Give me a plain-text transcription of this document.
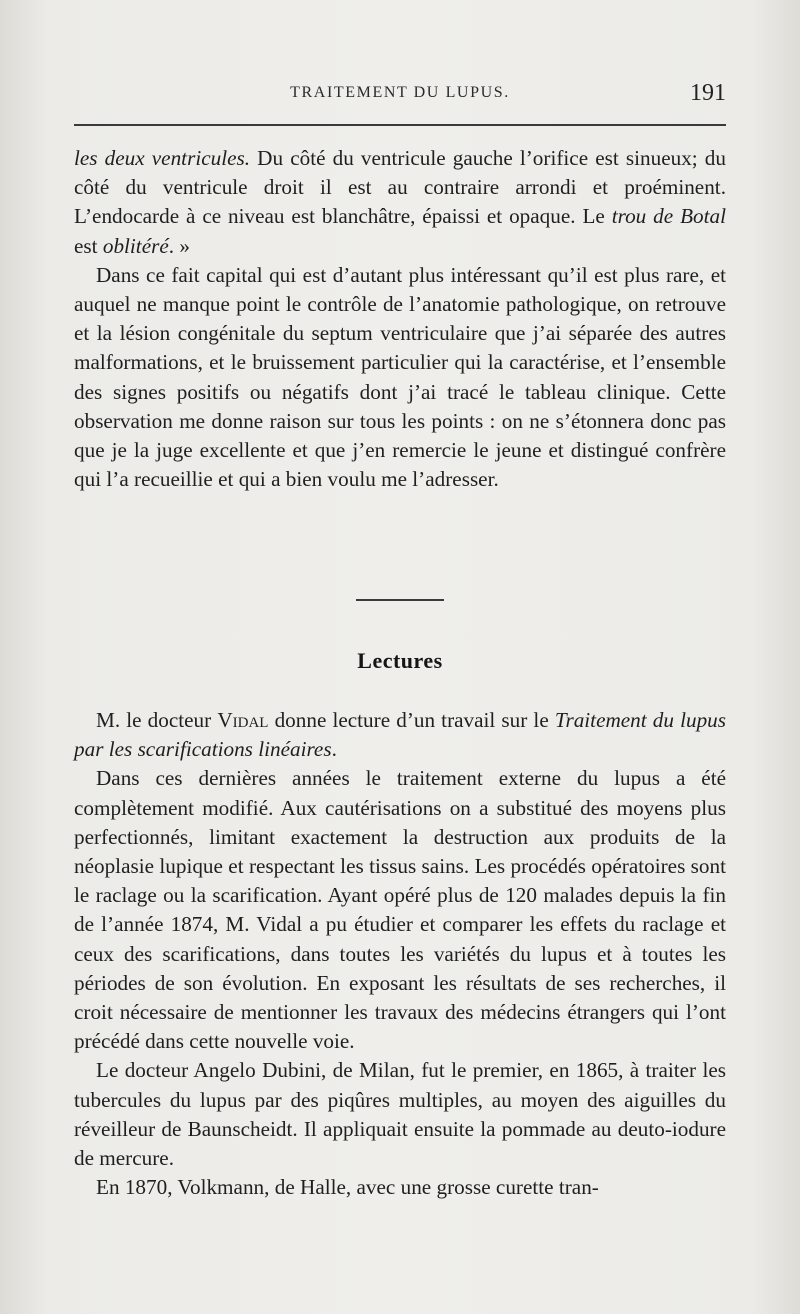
TRAITEMENT DU LUPUS.	191

les deux ventricules. Du côté du ventricule gauche l’orifice est sinueux; du côté du ventricule droit il est au contraire arrondi et proéminent. L’endocarde à ce niveau est blanchâtre, épaissi et opaque. Le trou de Botal est oblitéré. »

Dans ce fait capital qui est d’autant plus intéressant qu’il est plus rare, et auquel ne manque point le contrôle de l’anatomie pathologique, on retrouve et la lésion congénitale du septum ventriculaire que j’ai séparée des autres malformations, et le bruissement particulier qui la caractérise, et l’ensemble des signes positifs ou négatifs dont j’ai tracé le tableau clinique. Cette observation me donne raison sur tous les points : on ne s’étonnera donc pas que je la juge excellente et que j’en remercie le jeune et distingué confrère qui l’a recueillie et qui a bien voulu me l’adresser.

Lectures

M. le docteur Vidal donne lecture d’un travail sur le Traitement du lupus par les scarifications linéaires.

Dans ces dernières années le traitement externe du lupus a été complètement modifié. Aux cautérisations on a substitué des moyens plus perfectionnés, limitant exactement la destruction aux produits de la néoplasie lupique et respectant les tissus sains. Les procédés opératoires sont le raclage ou la scarification. Ayant opéré plus de 120 malades depuis la fin de l’année 1874, M. Vidal a pu étudier et comparer les effets du raclage et ceux des scarifications, dans toutes les variétés du lupus et à toutes les périodes de son évolution. En exposant les résultats de ses recherches, il croit nécessaire de mentionner les travaux des médecins étrangers qui l’ont précédé dans cette nouvelle voie.

Le docteur Angelo Dubini, de Milan, fut le premier, en 1865, à traiter les tubercules du lupus par des piqûres multiples, au moyen des aiguilles du réveilleur de Baunscheidt. Il appliquait ensuite la pommade au deuto-iodure de mercure.

En 1870, Volkmann, de Halle, avec une grosse curette tran-
